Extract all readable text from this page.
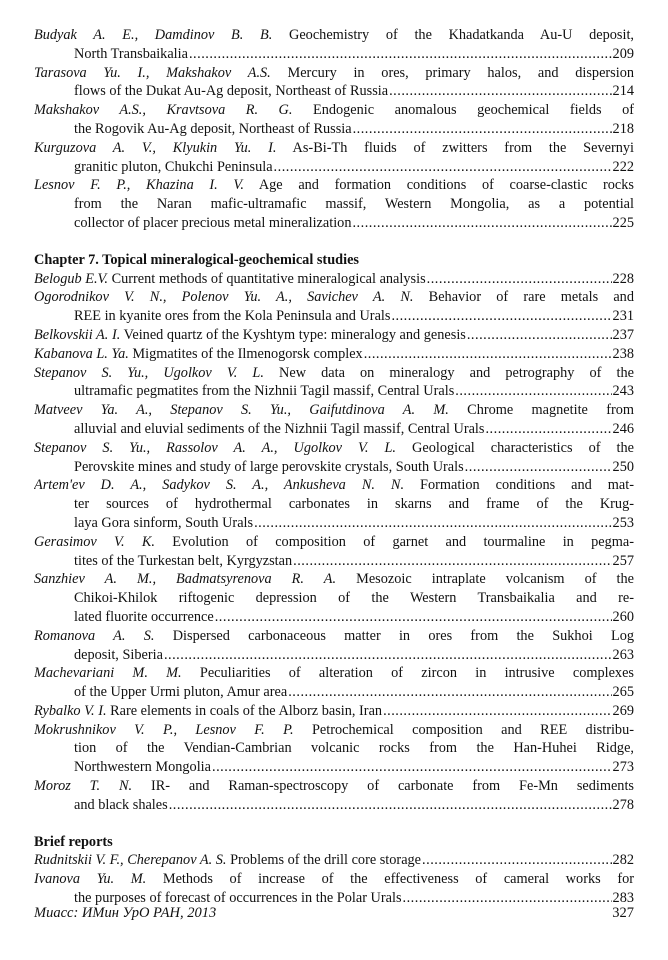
Budyak A. E., Damdinov B. B. Geochemistry of the Khadatkanda Au-U deposit,
North Transbaikalia .....	209
Tarasova Yu. I., Makshakov A.S. Mercury in ores, primary halos, and dispersion
flows of the Dukat Au-Ag deposit, Northeast of Russia .....	214
Makshakov A.S., Kravtsova R. G. Endogenic anomalous geochemical fields of
the Rogovik Au-Ag deposit, Northeast of Russia .....	218
Kurguzova A. V., Klyukin Yu. I. As-Bi-Th fluids of zwitters from the Severnyi
granitic pluton, Chukchi Peninsula .....	222
Lesnov F. P., Khazina I. V. Age and formation conditions of coarse-clastic rocks
from the Naran mafic-ultramafic massif, Western Mongolia, as a potential
collector of placer precious metal mineralization .....	225
Chapter 7. Topical mineralogical-geochemical studies
Belogub E.V. Current methods of quantitative mineralogical analysis .....	228
Ogorodnikov V. N., Polenov Yu. A., Savichev A. N. Behavior of rare metals and
REE in kyanite ores from the Kola Peninsula and Urals .....	231
Belkovskii A. I. Veined quartz of the Kyshtym type: mineralogy and genesis .....	237
Kabanova L. Ya. Migmatites of the Ilmenogorsk complex .....	238
Stepanov S. Yu., Ugolkov V. L. New data on mineralogy and petrography of the
ultramafic pegmatites from the Nizhnii Tagil massif, Central Urals .....	243
Matveev Ya. A., Stepanov S. Yu., Gaifutdinova A. M. Chrome magnetite from
alluvial and eluvial sediments of the Nizhnii Tagil massif, Central Urals .....	246
Stepanov S. Yu., Rassolov A. A., Ugolkov V. L. Geological characteristics of the
Perovskite mines and study of large perovskite crystals, South Urals .....	250
Artem'ev D. A., Sadykov S. A., Ankusheva N. N. Formation conditions and mat-
ter sources of hydrothermal carbonates in skarns and frame of the Krug-
laya Gora sinform, South Urals .....	253
Gerasimov V. K. Evolution of composition of garnet and tourmaline in pegma-
tites of the Turkestan belt, Kyrgyzstan .....	257
Sanzhiev A. M., Badmatsyrenova R. A. Mesozoic intraplate volcanism of the
Chikoi-Khilok riftogenic depression of the Western Transbaikalia and re-
lated fluorite occurrence .....	260
Romanova A. S. Dispersed carbonaceous matter in ores from the Sukhoi Log
deposit, Siberia .....	263
Machevariani M. M. Peculiarities of alteration of zircon in intrusive complexes
of the Upper Urmi pluton, Amur area .....	265
Rybalko V. I. Rare elements in coals of the Alborz basin, Iran .....	269
Mokrushnikov V. P., Lesnov F. P. Petrochemical composition and REE distribu-
tion of the Vendian-Cambrian volcanic rocks from the Han-Huhei Ridge,
Northwestern Mongolia .....	273
Moroz T. N. IR- and Raman-spectroscopy of carbonate from Fe-Mn sediments
and black shales .....	278
Brief reports
Rudnitskii V. F., Cherepanov A. S. Problems of the drill core storage .....	282
Ivanova Yu. M. Methods of increase of the effectiveness of cameral works for
the purposes of forecast of occurrences in the Polar Urals .....	283
Миасс: ИМин УрО РАН, 2013	327
